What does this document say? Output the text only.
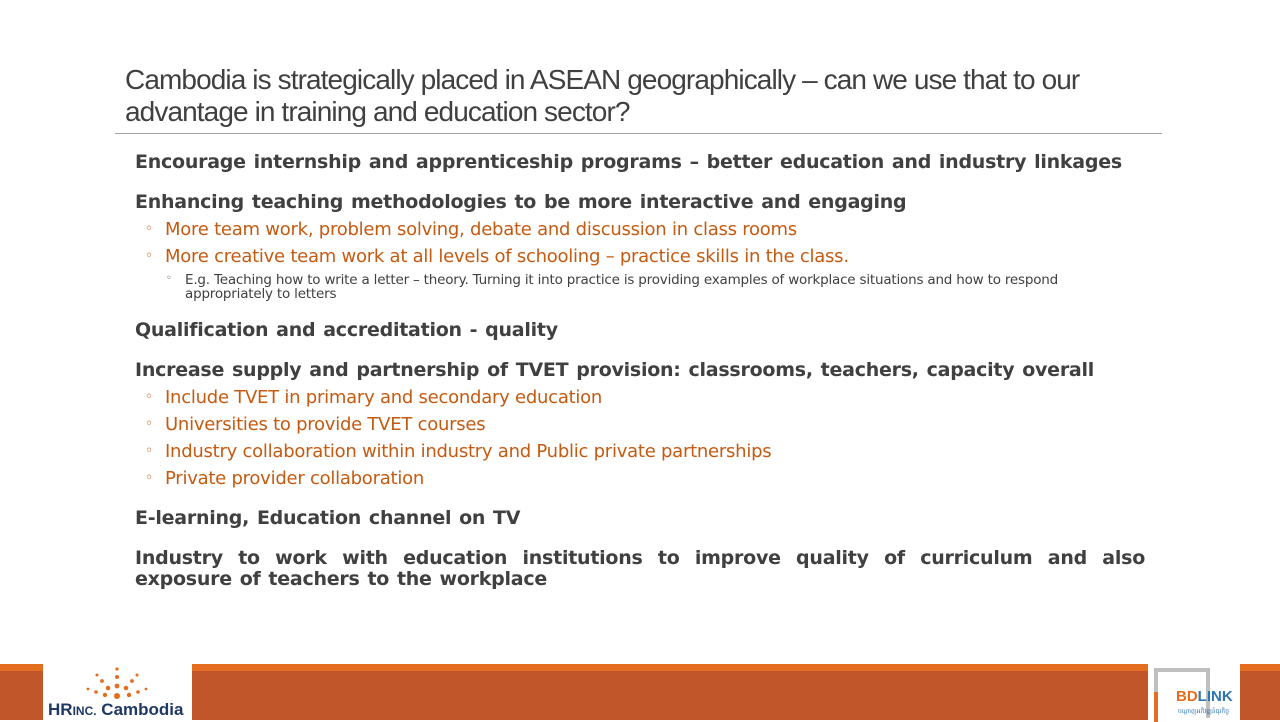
Cambodia is strategically placed in ASEAN geographically – can we use that to our advantage in training and education sector?

Encourage internship and apprenticeship programs – better education and industry linkages

Enhancing teaching methodologies to be more interactive and engaging

◦ More team work, problem solving, debate and discussion in class rooms
◦ More creative team work at all levels of schooling – practice skills in the class.
◦ E.g. Teaching how to write a letter – theory. Turning it into practice is providing examples of workplace situations and how to respond appropriately to letters

Qualification and accreditation - quality

Increase supply and partnership of TVET provision: classrooms, teachers, capacity overall

◦ Include TVET in primary and secondary education
◦ Universities to provide TVET courses
◦ Industry collaboration within industry and Public private partnerships
◦ Private provider collaboration

E-learning, Education channel on TV

Industry to work with education institutions to improve quality of curriculum and also exposure of teachers to the workplace

HRINC. Cambodia
BDLINK
បណ្តាញអភិវឌ្ឍន៍ធុរកិច្ច
